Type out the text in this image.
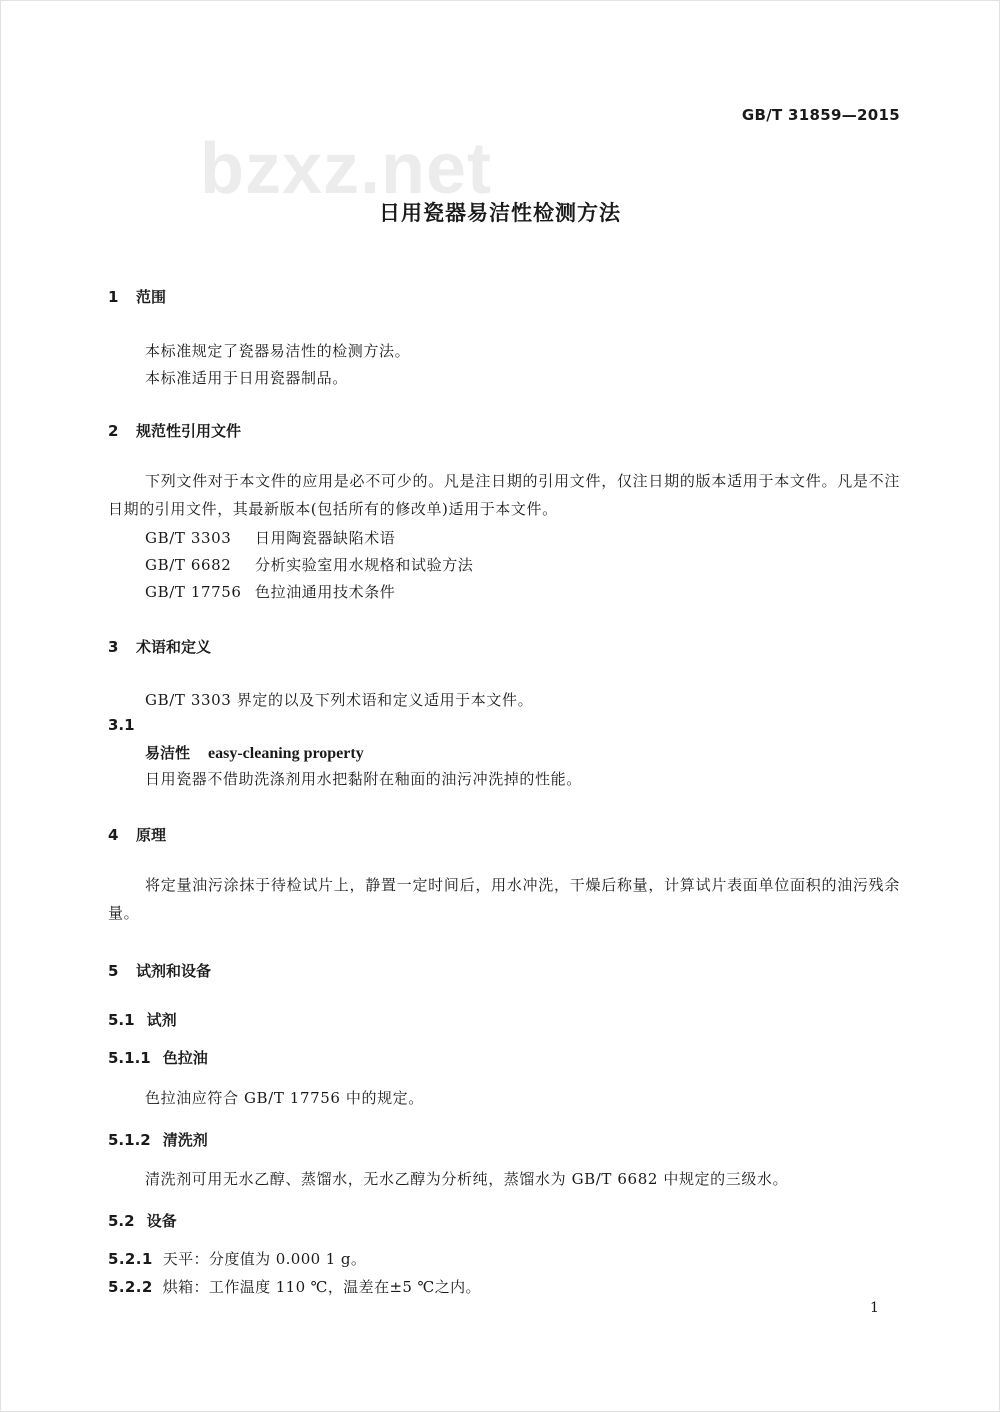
bzxz.net
GB/T 31859—2015
日用瓷器易洁性检测方法
1 范围
本标准规定了瓷器易洁性的检测方法。
本标准适用于日用瓷器制品。
2 规范性引用文件
下列文件对于本文件的应用是必不可少的。凡是注日期的引用文件，仅注日期的版本适用于本文件。凡是不注日期的引用文件，其最新版本(包括所有的修改单)适用于本文件。
GB/T 3303 日用陶瓷器缺陷术语
GB/T 6682 分析实验室用水规格和试验方法
GB/T 17756 色拉油通用技术条件
3 术语和定义
GB/T 3303 界定的以及下列术语和定义适用于本文件。
3.1
易洁性 easy-cleaning property
日用瓷器不借助洗涤剂用水把黏附在釉面的油污冲洗掉的性能。
4 原理
将定量油污涂抹于待检试片上，静置一定时间后，用水冲洗，干燥后称量，计算试片表面单位面积的油污残余量。
5 试剂和设备
5.1 试剂
5.1.1 色拉油
色拉油应符合 GB/T 17756 中的规定。
5.1.2 清洗剂
清洗剂可用无水乙醇、蒸馏水，无水乙醇为分析纯，蒸馏水为 GB/T 6682 中规定的三级水。
5.2 设备
5.2.1 天平：分度值为 0.000 1 g。
5.2.2 烘箱：工作温度 110 ℃，温差在±5 ℃之内。
1
